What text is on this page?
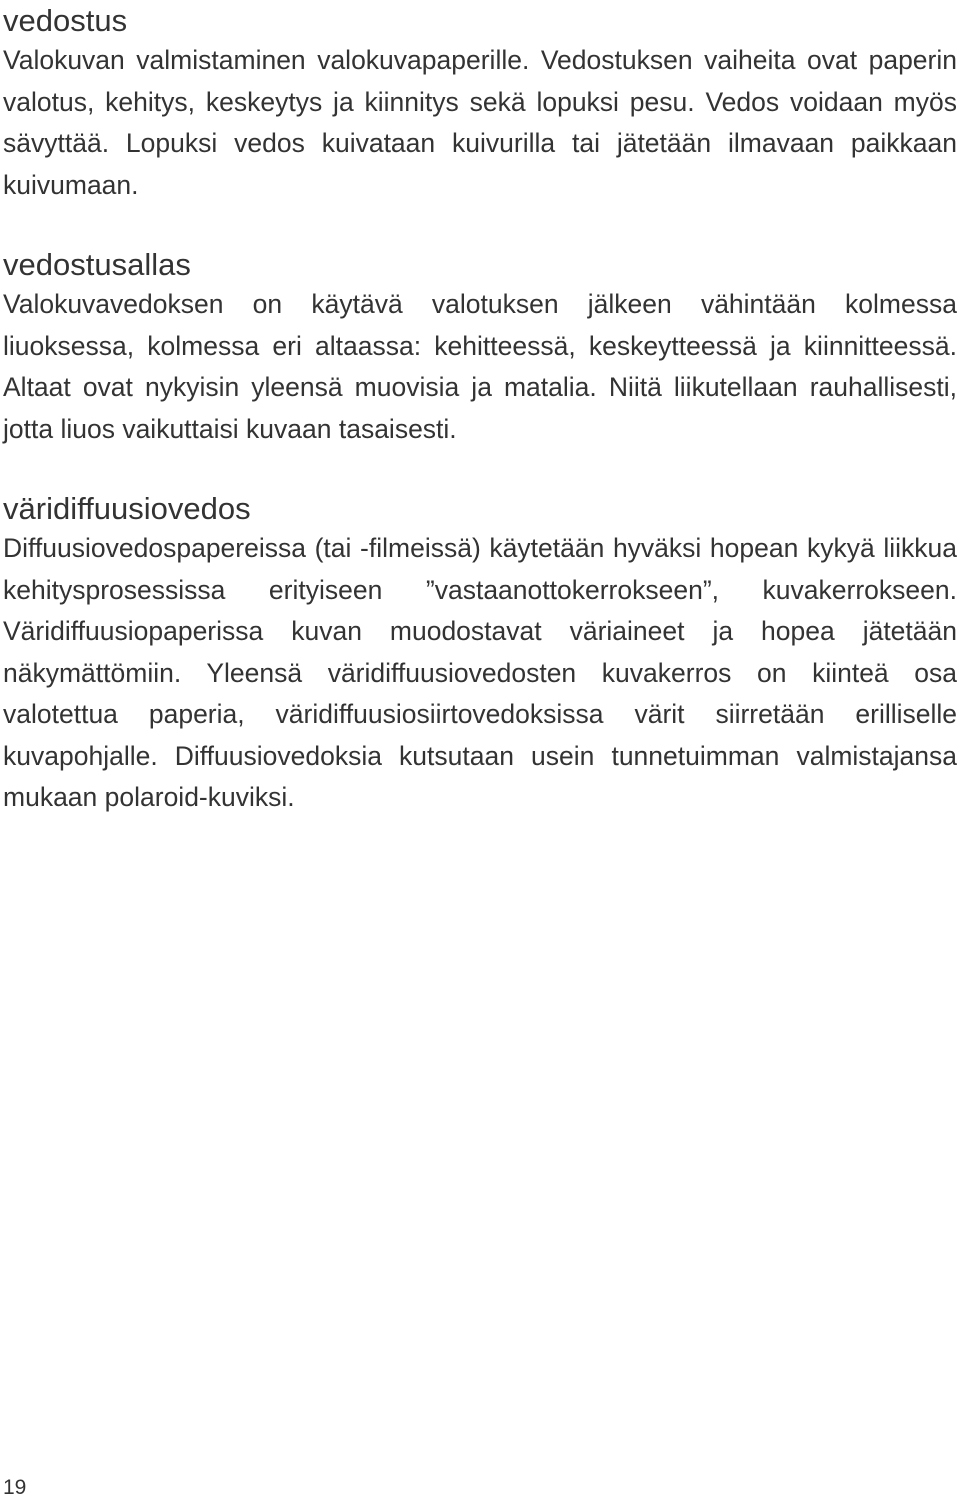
vedostus

Valokuvan valmistaminen valokuvapaperille. Vedostuksen vaiheita ovat paperin valotus, kehitys, keskeytys ja kiinnitys sekä lopuksi pesu. Vedos voidaan myös sävyttää. Lopuksi vedos kuivataan kuivurilla tai jätetään ilmavaan paikkaan kuivumaan.

vedostusallas

Valokuvavedoksen on käytävä valotuksen jälkeen vähintään kolmessa liuoksessa, kolmessa eri altaassa: kehitteessä, keskeytteessä ja kiinnitteessä. Altaat ovat nykyisin yleensä muovisia ja matalia. Niitä liikutellaan rauhallisesti, jotta liuos vaikuttaisi kuvaan tasaisesti.

väridiffuusiovedos

Diffuusiovedospapereissa (tai -filmeissä) käytetään hyväksi hopean kykyä liikkua kehitysprosessissa erityiseen ”vastaanottokerrokseen”, kuvakerrokseen. Väridiffuusiopaperissa kuvan muodostavat väriaineet ja hopea jätetään näkymättömiin. Yleensä väridiffuusiovedosten kuvakerros on kiinteä osa valotettua paperia, väridiffuusiosiirtovedoksissa värit siirretään erilliselle kuvapohjalle. Diffuusiovedoksia kutsutaan usein tunnetuimman valmistajansa mukaan polaroid-kuviksi.

19
